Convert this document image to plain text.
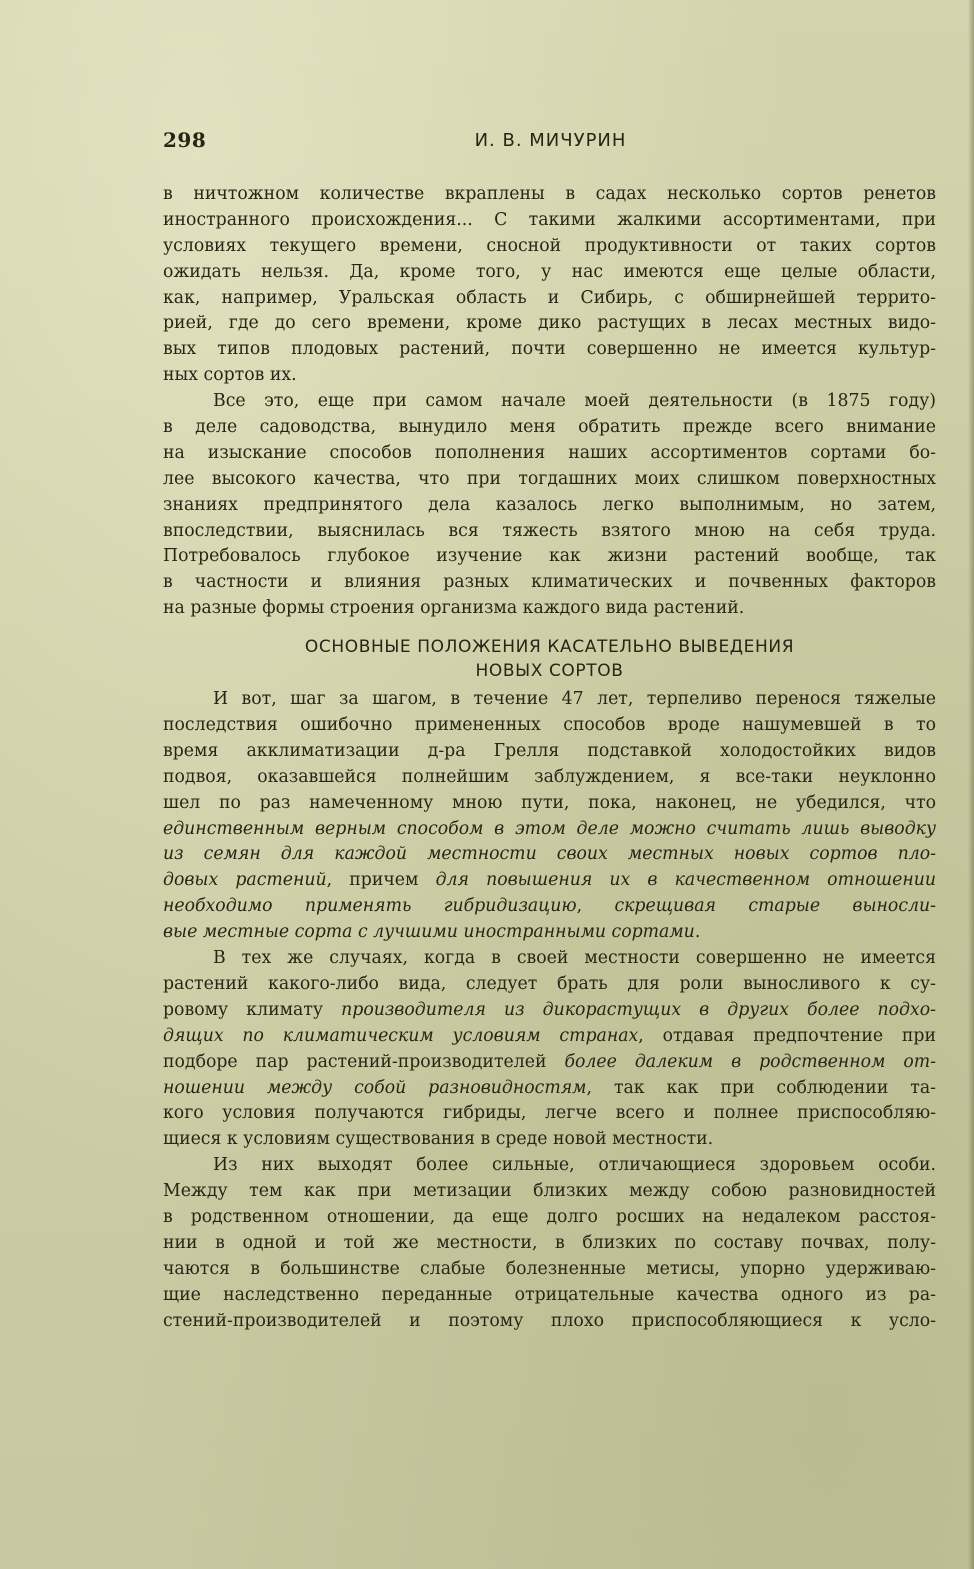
298	И. В. МИЧУРИН
в ничтожном количестве вкраплены в садах несколько сортов ренетов
иностранного происхождения... С такими жалкими ассортиментами, при
условиях текущего времени, сносной продуктивности от таких сортов
ожидать нельзя. Да, кроме того, у нас имеются еще целые области,
как, например, Уральская область и Сибирь, с обширнейшей террито-
рией, где до сего времени, кроме дико растущих в лесах местных видо-
вых типов плодовых растений, почти совершенно не имеется культур-
ных сортов их.
Все это, еще при самом начале моей деятельности (в 1875 году)
в деле садоводства, вынудило меня обратить прежде всего внимание
на изыскание способов пополнения наших ассортиментов сортами бо-
лее высокого качества, что при тогдашних моих слишком поверхностных
знаниях предпринятого дела казалось легко выполнимым, но затем,
впоследствии, выяснилась вся тяжесть взятого мною на себя труда.
Потребовалось глубокое изучение как жизни растений вообще, так
в частности и влияния разных климатических и почвенных факторов
на разные формы строения организма каждого вида растений.
ОСНОВНЫЕ ПОЛОЖЕНИЯ КАСАТЕЛЬНО ВЫВЕДЕНИЯ
НОВЫХ СОРТОВ
И вот, шаг за шагом, в течение 47 лет, терпеливо перенося тяжелые
последствия ошибочно примененных способов вроде нашумевшей в то
время акклиматизации д-ра Грелля подставкой холодостойких видов
подвоя, оказавшейся полнейшим заблуждением, я все-таки неуклонно
шел по раз намеченному мною пути, пока, наконец, не убедился, что
единственным верным способом в этом деле можно считать лишь выводку
из семян для каждой местности своих местных новых сортов пло-
довых растений, причем для повышения их в качественном отношении
необходимо применять гибридизацию, скрещивая старые выносли-
вые местные сорта с лучшими иностранными сортами.
В тех же случаях, когда в своей местности совершенно не имеется
растений какого-либо вида, следует брать для роли выносливого к су-
ровому климату производителя из дикорастущих в других более подхо-
дящих по климатическим условиям странах, отдавая предпочтение при
подборе пар растений-производителей более далеким в родственном от-
ношении между собой разновидностям, так как при соблюдении та-
кого условия получаются гибриды, легче всего и полнее приспособляю-
щиеся к условиям существования в среде новой местности.
Из них выходят более сильные, отличающиеся здоровьем особи.
Между тем как при метизации близких между собою разновидностей
в родственном отношении, да еще долго росших на недалеком расстоя-
нии в одной и той же местности, в близких по составу почвах, полу-
чаются в большинстве слабые болезненные метисы, упорно удерживаю-
щие наследственно переданные отрицательные качества одного из ра-
стений-производителей и поэтому плохо приспособляющиеся к усло-
